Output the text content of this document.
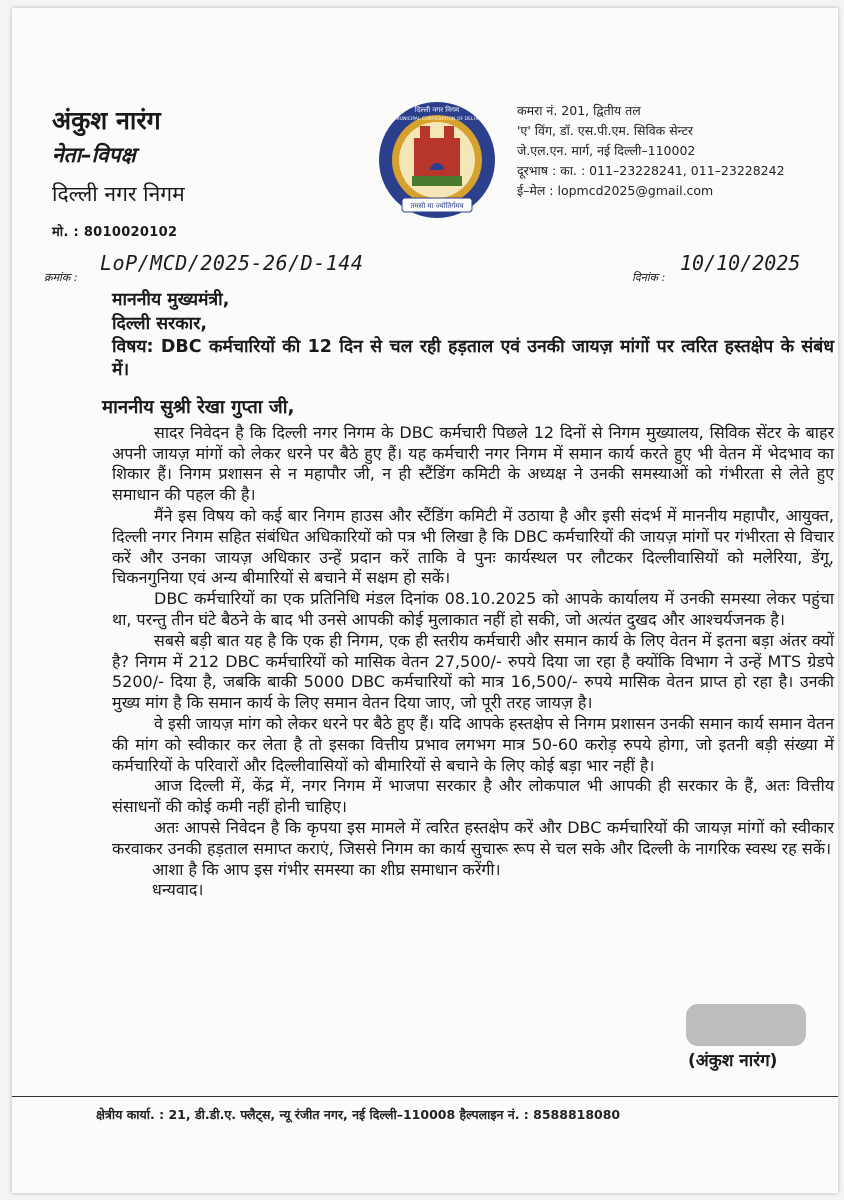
अंकुश नारंग
नेता–विपक्ष
दिल्ली नगर निगम
मो. : 8010020102
तमसो मा ज्योतिर्गमय
दिल्ली नगर निगम
MUNICIPAL CORPORATION OF DELHI
कमरा नं. 201, द्वितीय तल
'ए' विंग, डॉ. एस.पी.एम. सिविक सेन्टर
जे.एल.एन. मार्ग, नई दिल्ली–110002
दूरभाष : का. : 011–23228241, 011–23228242
ई–मेल : lopmcd2025@gmail.com
क्रमांक :
LoP/MCD/2025-26/D-144
दिनांक :
10/10/2025

माननीय मुख्यमंत्री,

दिल्ली सरकार,

विषय: DBC कर्मचारियों की 12 दिन से चल रही हड़ताल एवं उनकी जायज़ मांगों पर त्वरित हस्तक्षेप के संबंध में।

माननीय सुश्री रेखा गुप्ता जी,

सादर निवेदन है कि दिल्ली नगर निगम के DBC कर्मचारी पिछले 12 दिनों से निगम मुख्यालय, सिविक सेंटर के बाहर अपनी जायज़ मांगों को लेकर धरने पर बैठे हुए हैं। यह कर्मचारी नगर निगम में समान कार्य करते हुए भी वेतन में भेदभाव का शिकार हैं। निगम प्रशासन से न महापौर जी, न ही स्टैंडिंग कमिटी के अध्यक्ष ने उनकी समस्याओं को गंभीरता से लेते हुए समाधान की पहल की है।

मैंने इस विषय को कई बार निगम हाउस और स्टैंडिंग कमिटी में उठाया है और इसी संदर्भ में माननीय महापौर, आयुक्त, दिल्ली नगर निगम सहित संबंधित अधिकारियों को पत्र भी लिखा है कि DBC कर्मचारियों की जायज़ मांगों पर गंभीरता से विचार करें और उनका जायज़ अधिकार उन्हें प्रदान करें ताकि वे पुनः कार्यस्थल पर लौटकर दिल्लीवासियों को मलेरिया, डेंगू, चिकनगुनिया एवं अन्य बीमारियों से बचाने में सक्षम हो सकें।

DBC कर्मचारियों का एक प्रतिनिधि मंडल दिनांक 08.10.2025 को आपके कार्यालय में उनकी समस्या लेकर पहुंचा था, परन्तु तीन घंटे बैठने के बाद भी उनसे आपकी कोई मुलाकात नहीं हो सकी, जो अत्यंत दुखद और आश्चर्यजनक है।

सबसे बड़ी बात यह है कि एक ही निगम, एक ही स्तरीय कर्मचारी और समान कार्य के लिए वेतन में इतना बड़ा अंतर क्यों है? निगम में 212 DBC कर्मचारियों को मासिक वेतन 27,500/- रुपये दिया जा रहा है क्योंकि विभाग ने उन्हें MTS ग्रेडपे 5200/- दिया है, जबकि बाकी 5000 DBC कर्मचारियों को मात्र 16,500/- रुपये मासिक वेतन प्राप्त हो रहा है। उनकी मुख्य मांग है कि समान कार्य के लिए समान वेतन दिया जाए, जो पूरी तरह जायज़ है।

वे इसी जायज़ मांग को लेकर धरने पर बैठे हुए हैं। यदि आपके हस्तक्षेप से निगम प्रशासन उनकी समान कार्य समान वेतन की मांग को स्वीकार कर लेता है तो इसका वित्तीय प्रभाव लगभग मात्र 50-60 करोड़ रुपये होगा, जो इतनी बड़ी संख्या में कर्मचारियों के परिवारों और दिल्लीवासियों को बीमारियों से बचाने के लिए कोई बड़ा भार नहीं है।

आज दिल्ली में, केंद्र में, नगर निगम में भाजपा सरकार है और लोकपाल भी आपकी ही सरकार के हैं, अतः वित्तीय संसाधनों की कोई कमी नहीं होनी चाहिए।

अतः आपसे निवेदन है कि कृपया इस मामले में त्वरित हस्तक्षेप करें और DBC कर्मचारियों की जायज़ मांगों को स्वीकार करवाकर उनकी हड़ताल समाप्त कराएं, जिससे निगम का कार्य सुचारू रूप से चल सके और दिल्ली के नागरिक स्वस्थ रह सकें।

आशा है कि आप इस गंभीर समस्या का शीघ्र समाधान करेंगी।

धन्यवाद।

(अंकुश नारंग)
क्षेत्रीय कार्या. : 21, डी.डी.ए. फ्लैट्स, न्यू रंजीत नगर, नई दिल्ली–110008 हैल्पलाइन नं. : 8588818080
